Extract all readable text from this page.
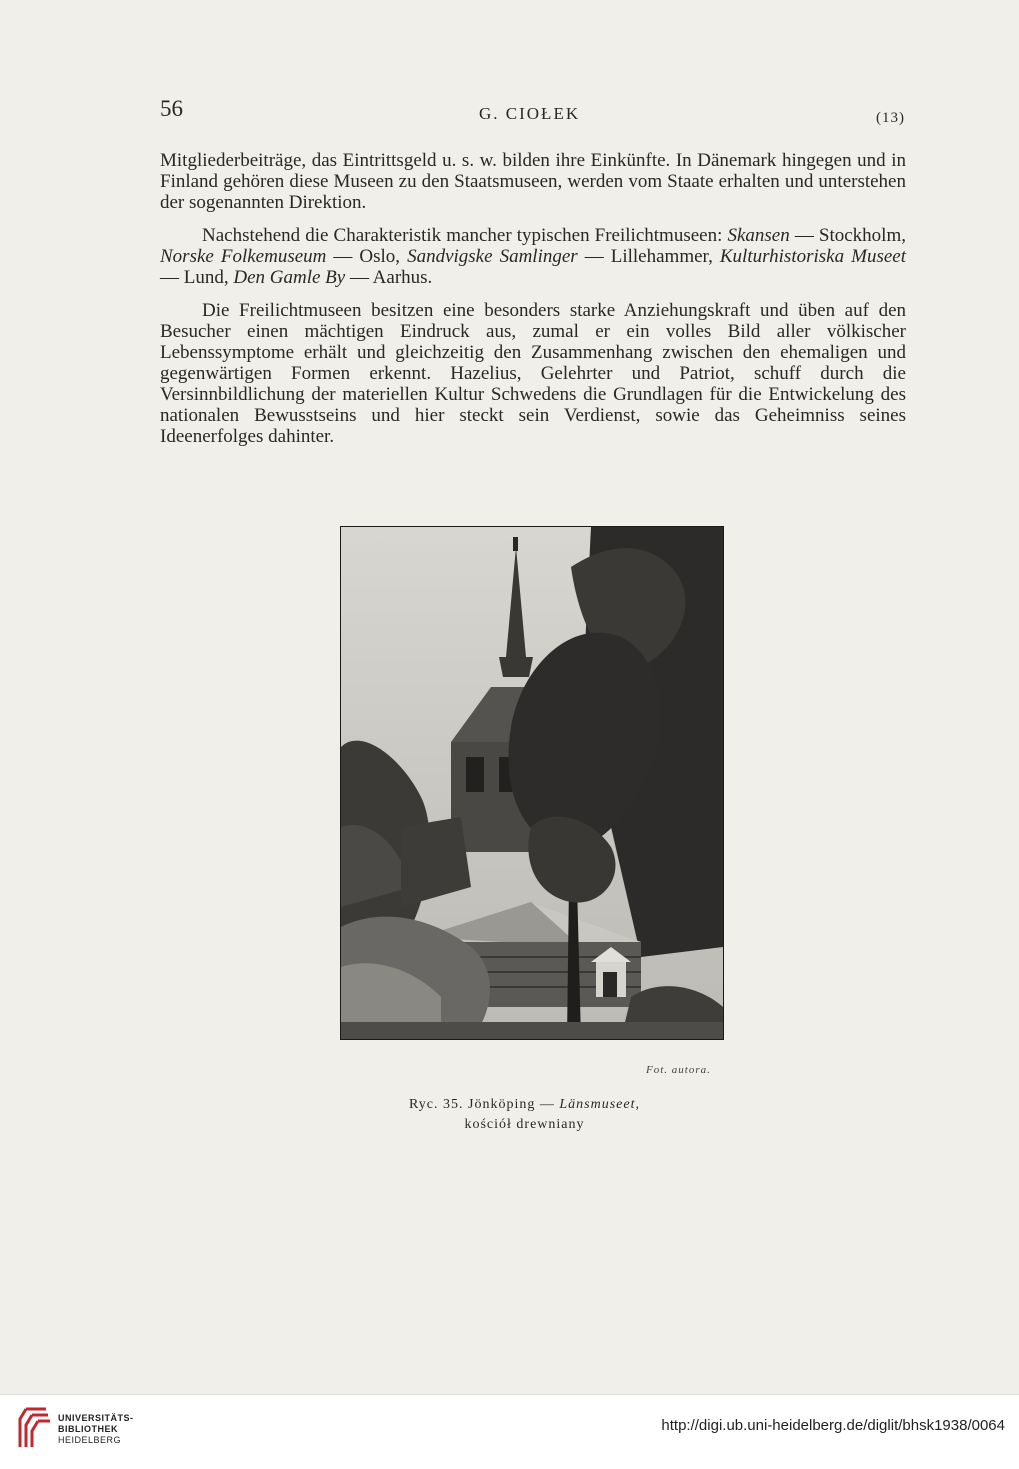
56	G. CIOŁEK	(13)

Mitgliederbeiträge, das Eintrittsgeld u. s. w. bilden ihre Einkünfte. In Dänemark hingegen und in Finland gehören diese Museen zu den Staatsmuseen, werden vom Staate erhalten und unterstehen der sogenannten Direktion.

Nachstehend die Charakteristik mancher typischen Freilichtmuseen: Skansen — Stockholm, Norske Folkemuseum — Oslo, Sandvigske Samlinger — Lillehammer, Kulturhistoriska Museet — Lund, Den Gamle By — Aarhus.

Die Freilichtmuseen besitzen eine besonders starke Anziehungskraft und üben auf den Besucher einen mächtigen Eindruck aus, zumal er ein volles Bild aller völkischer Lebenssymptome erhält und gleichzeitig den Zusammenhang zwischen den ehemaligen und gegenwärtigen Formen erkennt. Hazelius, Gelehrter und Patriot, schuff durch die Versinnbildlichung der materiellen Kultur Schwedens die Grundlagen für die Entwickelung des nationalen Bewusstseins und hier steckt sein Verdienst, sowie das Geheimniss seines Ideenerfolges dahinter.

Fot. autora.
Ryc. 35. Jönköping — Länsmuseet,
kościół drewniany
UNIVERSITÄTS-
BIBLIOTHEK
HEIDELBERG
http://digi.ub.uni-heidelberg.de/diglit/bhsk1938/0064
